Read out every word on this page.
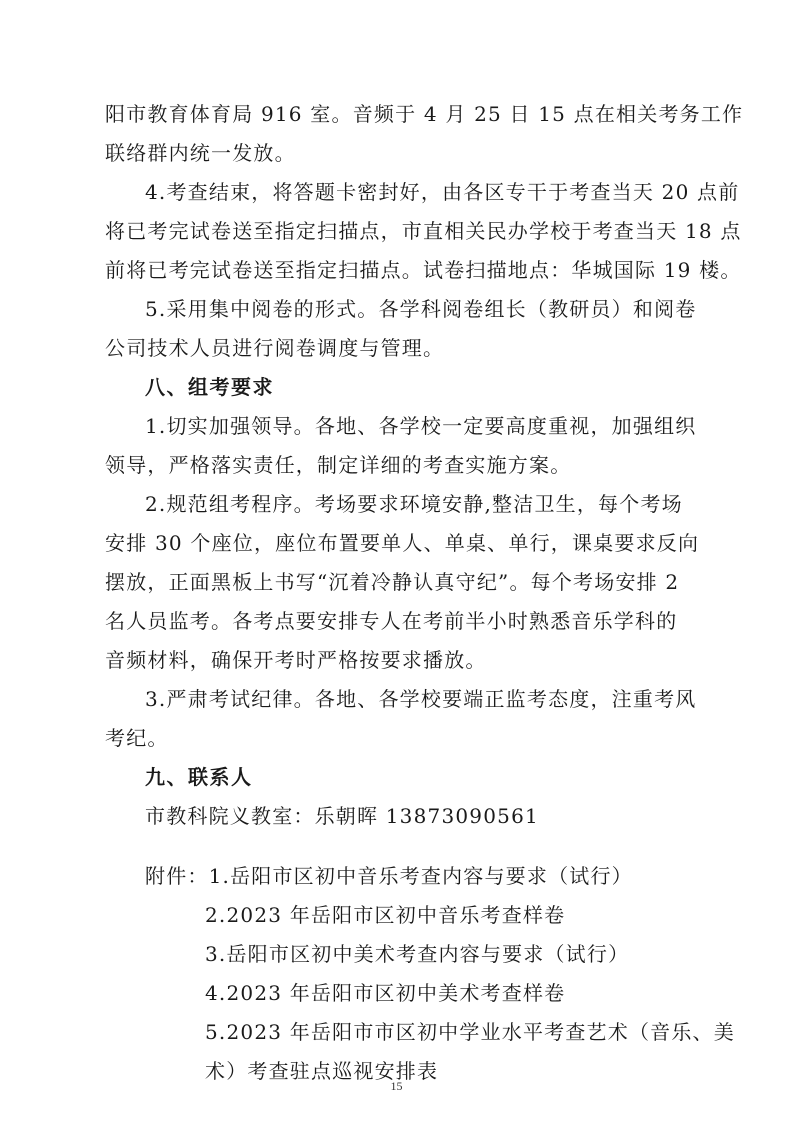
阳市教育体育局 916 室。音频于 4 月 25 日 15 点在相关考务工作
联络群内统一发放。
4.考查结束，将答题卡密封好，由各区专干于考查当天 20 点前
将已考完试卷送至指定扫描点，市直相关民办学校于考查当天 18 点
前将已考完试卷送至指定扫描点。试卷扫描地点：华城国际 19 楼。
5.采用集中阅卷的形式。各学科阅卷组长（教研员）和阅卷
公司技术人员进行阅卷调度与管理。
八、组考要求
1.切实加强领导。各地、各学校一定要高度重视，加强组织
领导，严格落实责任，制定详细的考查实施方案。
2.规范组考程序。考场要求环境安静,整洁卫生，每个考场
安排 30 个座位，座位布置要单人、单桌、单行，课桌要求反向
摆放，正面黑板上书写“沉着冷静认真守纪”。每个考场安排 2
名人员监考。各考点要安排专人在考前半小时熟悉音乐学科的
音频材料，确保开考时严格按要求播放。
3.严肃考试纪律。各地、各学校要端正监考态度，注重考风
考纪。
九、联系人
市教科院义教室：乐朝晖 13873090561
附件：1.岳阳市区初中音乐考查内容与要求（试行）
2.2023 年岳阳市区初中音乐考查样卷
3.岳阳市区初中美术考查内容与要求（试行）
4.2023 年岳阳市区初中美术考查样卷
5.2023 年岳阳市市区初中学业水平考查艺术（音乐、美
术）考查驻点巡视安排表
15
